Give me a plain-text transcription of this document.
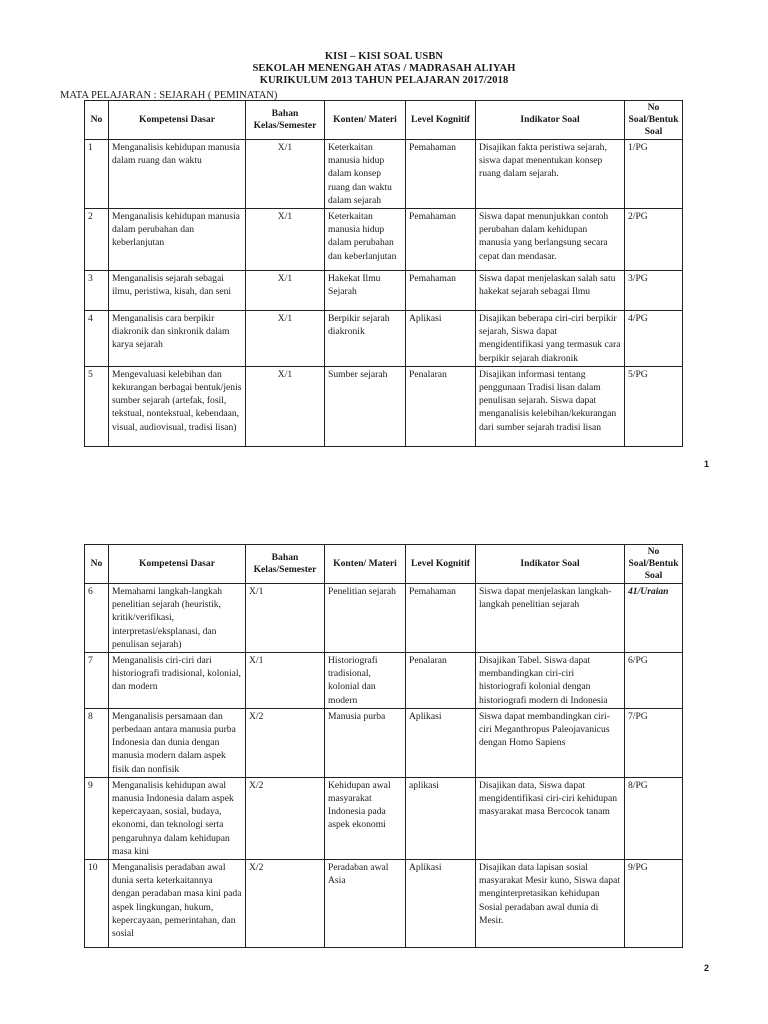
KISI – KISI SOAL USBN
SEKOLAH MENENGAH ATAS / MADRASAH ALIYAH
KURIKULUM 2013 TAHUN PELAJARAN 2017/2018
MATA PELAJARAN : SEJARAH ( PEMINATAN)
No	Kompetensi Dasar	Bahan Kelas/Semester	Konten/ Materi	Level Kognitif	Indikator Soal	No Soal/Bentuk Soal
1	Menganalisis kehidupan manusia dalam ruang dan waktu	X/1	Keterkaitan manusia hidup dalam konsep ruang dan waktu dalam sejarah	Pemahaman	Disajikan fakta peristiwa sejarah, siswa dapat menentukan konsep ruang dalam sejarah.	1/PG
2	Menganalisis kehidupan manusia dalam perubahan dan keberlanjutan	X/1	Keterkaitan manusia hidup dalam perubahan dan keberlanjutan	Pemahaman	Siswa dapat menunjukkan contoh perubahan dalam kehidupan manusia yang berlangsung secara cepat dan mendasar.	2/PG
3	Menganalisis sejarah sebagai ilmu, peristiwa, kisah, dan seni	X/1	Hakekat Ilmu Sejarah	Pemahaman	Siswa dapat menjelaskan salah satu hakekat sejarah sebagai Ilmu	3/PG
4	Menganalisis cara berpikir diakronik dan sinkronik dalam karya sejarah	X/1	Berpikir sejarah diakronik	Aplikasi	Disajikan beberapa ciri-ciri berpikir sejarah, Siswa dapat mengidentifikasi yang termasuk cara berpikir sejarah diakronik	4/PG
5	Mengevaluasi kelebihan dan kekurangan berbagai bentuk/jenis sumber sejarah (artefak, fosil, tekstual, nontekstual, kebendaan, visual, audiovisual, tradisi lisan)	X/1	Sumber sejarah	Penalaran	Disajikan informasi tentang penggunaan Tradisi lisan dalam penulisan sejarah. Siswa dapat menganalisis kelebihan/kekurangan dari sumber sejarah tradisi lisan	5/PG
1
No	Kompetensi Dasar	Bahan Kelas/Semester	Konten/ Materi	Level Kognitif	Indikator Soal	No Soal/Bentuk Soal
6	Memahami langkah-langkah penelitian sejarah (heuristik, kritik/verifikasi, interpretasi/eksplanasi, dan penulisan sejarah)	X/1	Penelitian sejarah	Pemahaman	Siswa dapat menjelaskan langkah-langkah penelitian sejarah	41/Uraian
7	Menganalisis ciri-ciri dari historiografi tradisional, kolonial, dan modern	X/1	Historiografi tradisional, kolonial dan modern	Penalaran	Disajikan Tabel. Siswa dapat membandingkan ciri-ciri historiografi kolonial dengan historiografi modern di Indonesia	6/PG
8	Menganalisis persamaan dan perbedaan antara manusia purba Indonesia dan dunia dengan manusia modern dalam aspek fisik dan nonfisik	X/2	Manusia purba	Aplikasi	Siswa dapat membandingkan ciri- ciri Meganthropus Paleojavanicus dengan Homo Sapiens	7/PG
9	Menganalisis kehidupan awal manusia Indonesia dalam aspek kepercayaan, sosial, budaya, ekonomi, dan teknologi serta pengaruhnya dalam kehidupan masa kini	X/2	Kehidupan awal masyarakat Indonesia pada aspek ekonomi	aplikasi	Disajikan data, Siswa dapat mengidentifikasi ciri-ciri kehidupan masyarakat masa Bercocok tanam	8/PG
10	Menganalisis peradaban awal dunia serta keterkaitannya dengan peradaban masa kini pada aspek lingkungan, hukum, kepercayaan, pemerintahan, dan sosial	X/2	Peradaban awal Asia	Aplikasi	Disajikan data lapisan sosial masyarakat Mesir kuno, Siswa dapat menginterpretasikan kehidupan Sosial peradaban awal dunia di Mesir.	9/PG
2
